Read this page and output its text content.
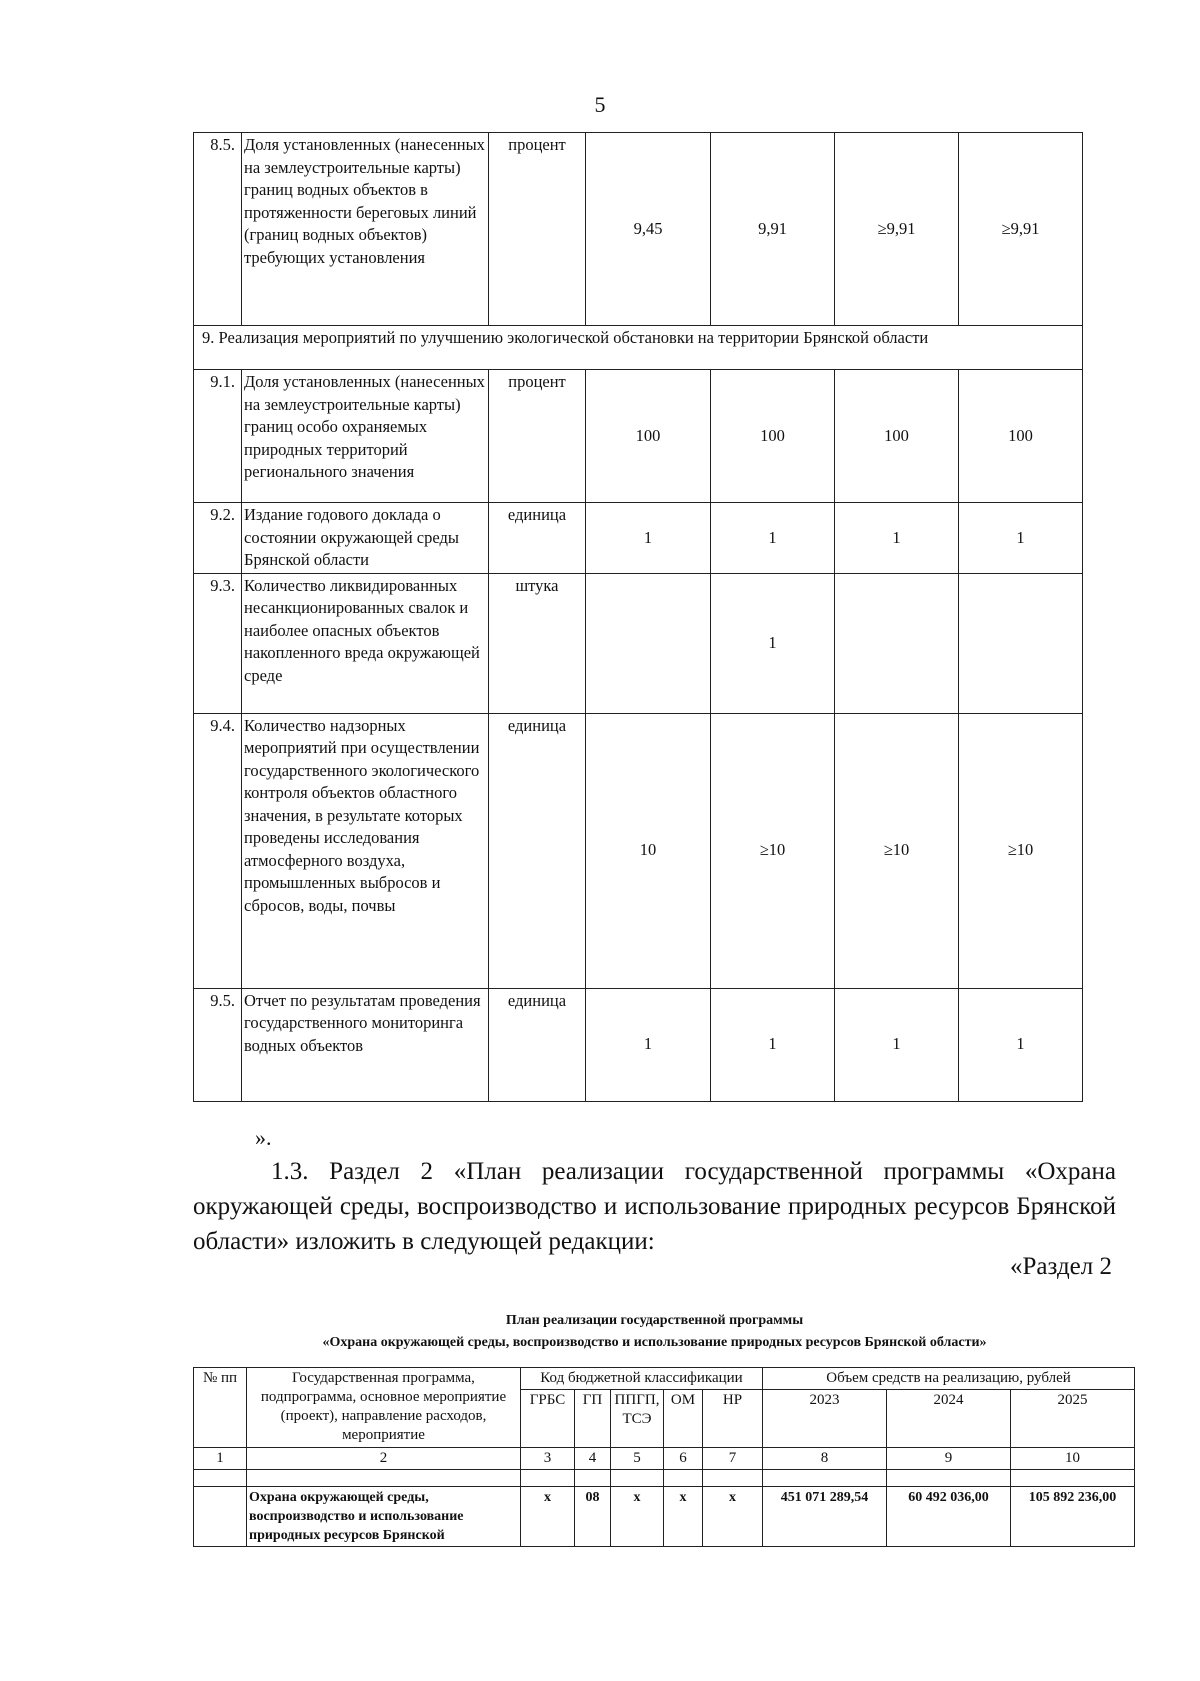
5
8.5.	Доля установленных (нанесенных на землеустроительные карты) границ водных объектов в протяженности береговых линий (границ водных объектов) требующих установления	процент	9,45	9,91	≥9,91	≥9,91
9. Реализация мероприятий по улучшению экологической обстановки на территории Брянской области						
9.1.	Доля установленных (нанесенных на землеустроительные карты) границ особо охраняемых природных территорий регионального значения	процент	100	100	100	100
9.2.	Издание годового доклада о состоянии окружающей среды Брянской области	единица	1	1	1	1
9.3.	Количество ликвидированных несанкционированных свалок и наиболее опасных объектов накопленного вреда окружающей среде	штука		1		
9.4.	Количество надзорных мероприятий при осуществлении государственного экологического контроля объектов областного значения, в результате которых проведены исследования атмосферного воздуха, промышленных выбросов и сбросов, воды, почвы	единица	10	≥10	≥10	≥10
9.5.	Отчет по результатам проведения государственного мониторинга водных объектов	единица	1	1	1	1
».

1.3. Раздел 2 «План реализации государственной программы «Охрана окружающей среды, воспроизводство и использование природных ресурсов Брянской области» изложить в следующей редакции:

«Раздел 2
План реализации государственной программы
«Охрана окружающей среды, воспроизводство и использование природных ресурсов Брянской области»
№ пп	Государственная программа, подпрограмма, основное мероприятие (проект), направление расходов, мероприятие	Код бюджетной классификации					Объем средств на реализацию, рублей		
		ГРБС	ГП	ППГП, ТСЭ	ОМ	НР	2023	2024	2025
1	2	3	4	5	6	7	8	9	10

	Охрана окружающей среды, воспроизводство и использование природных ресурсов Брянской	х	08	х	х	х	451 071 289,54	60 492 036,00	105 892 236,00
